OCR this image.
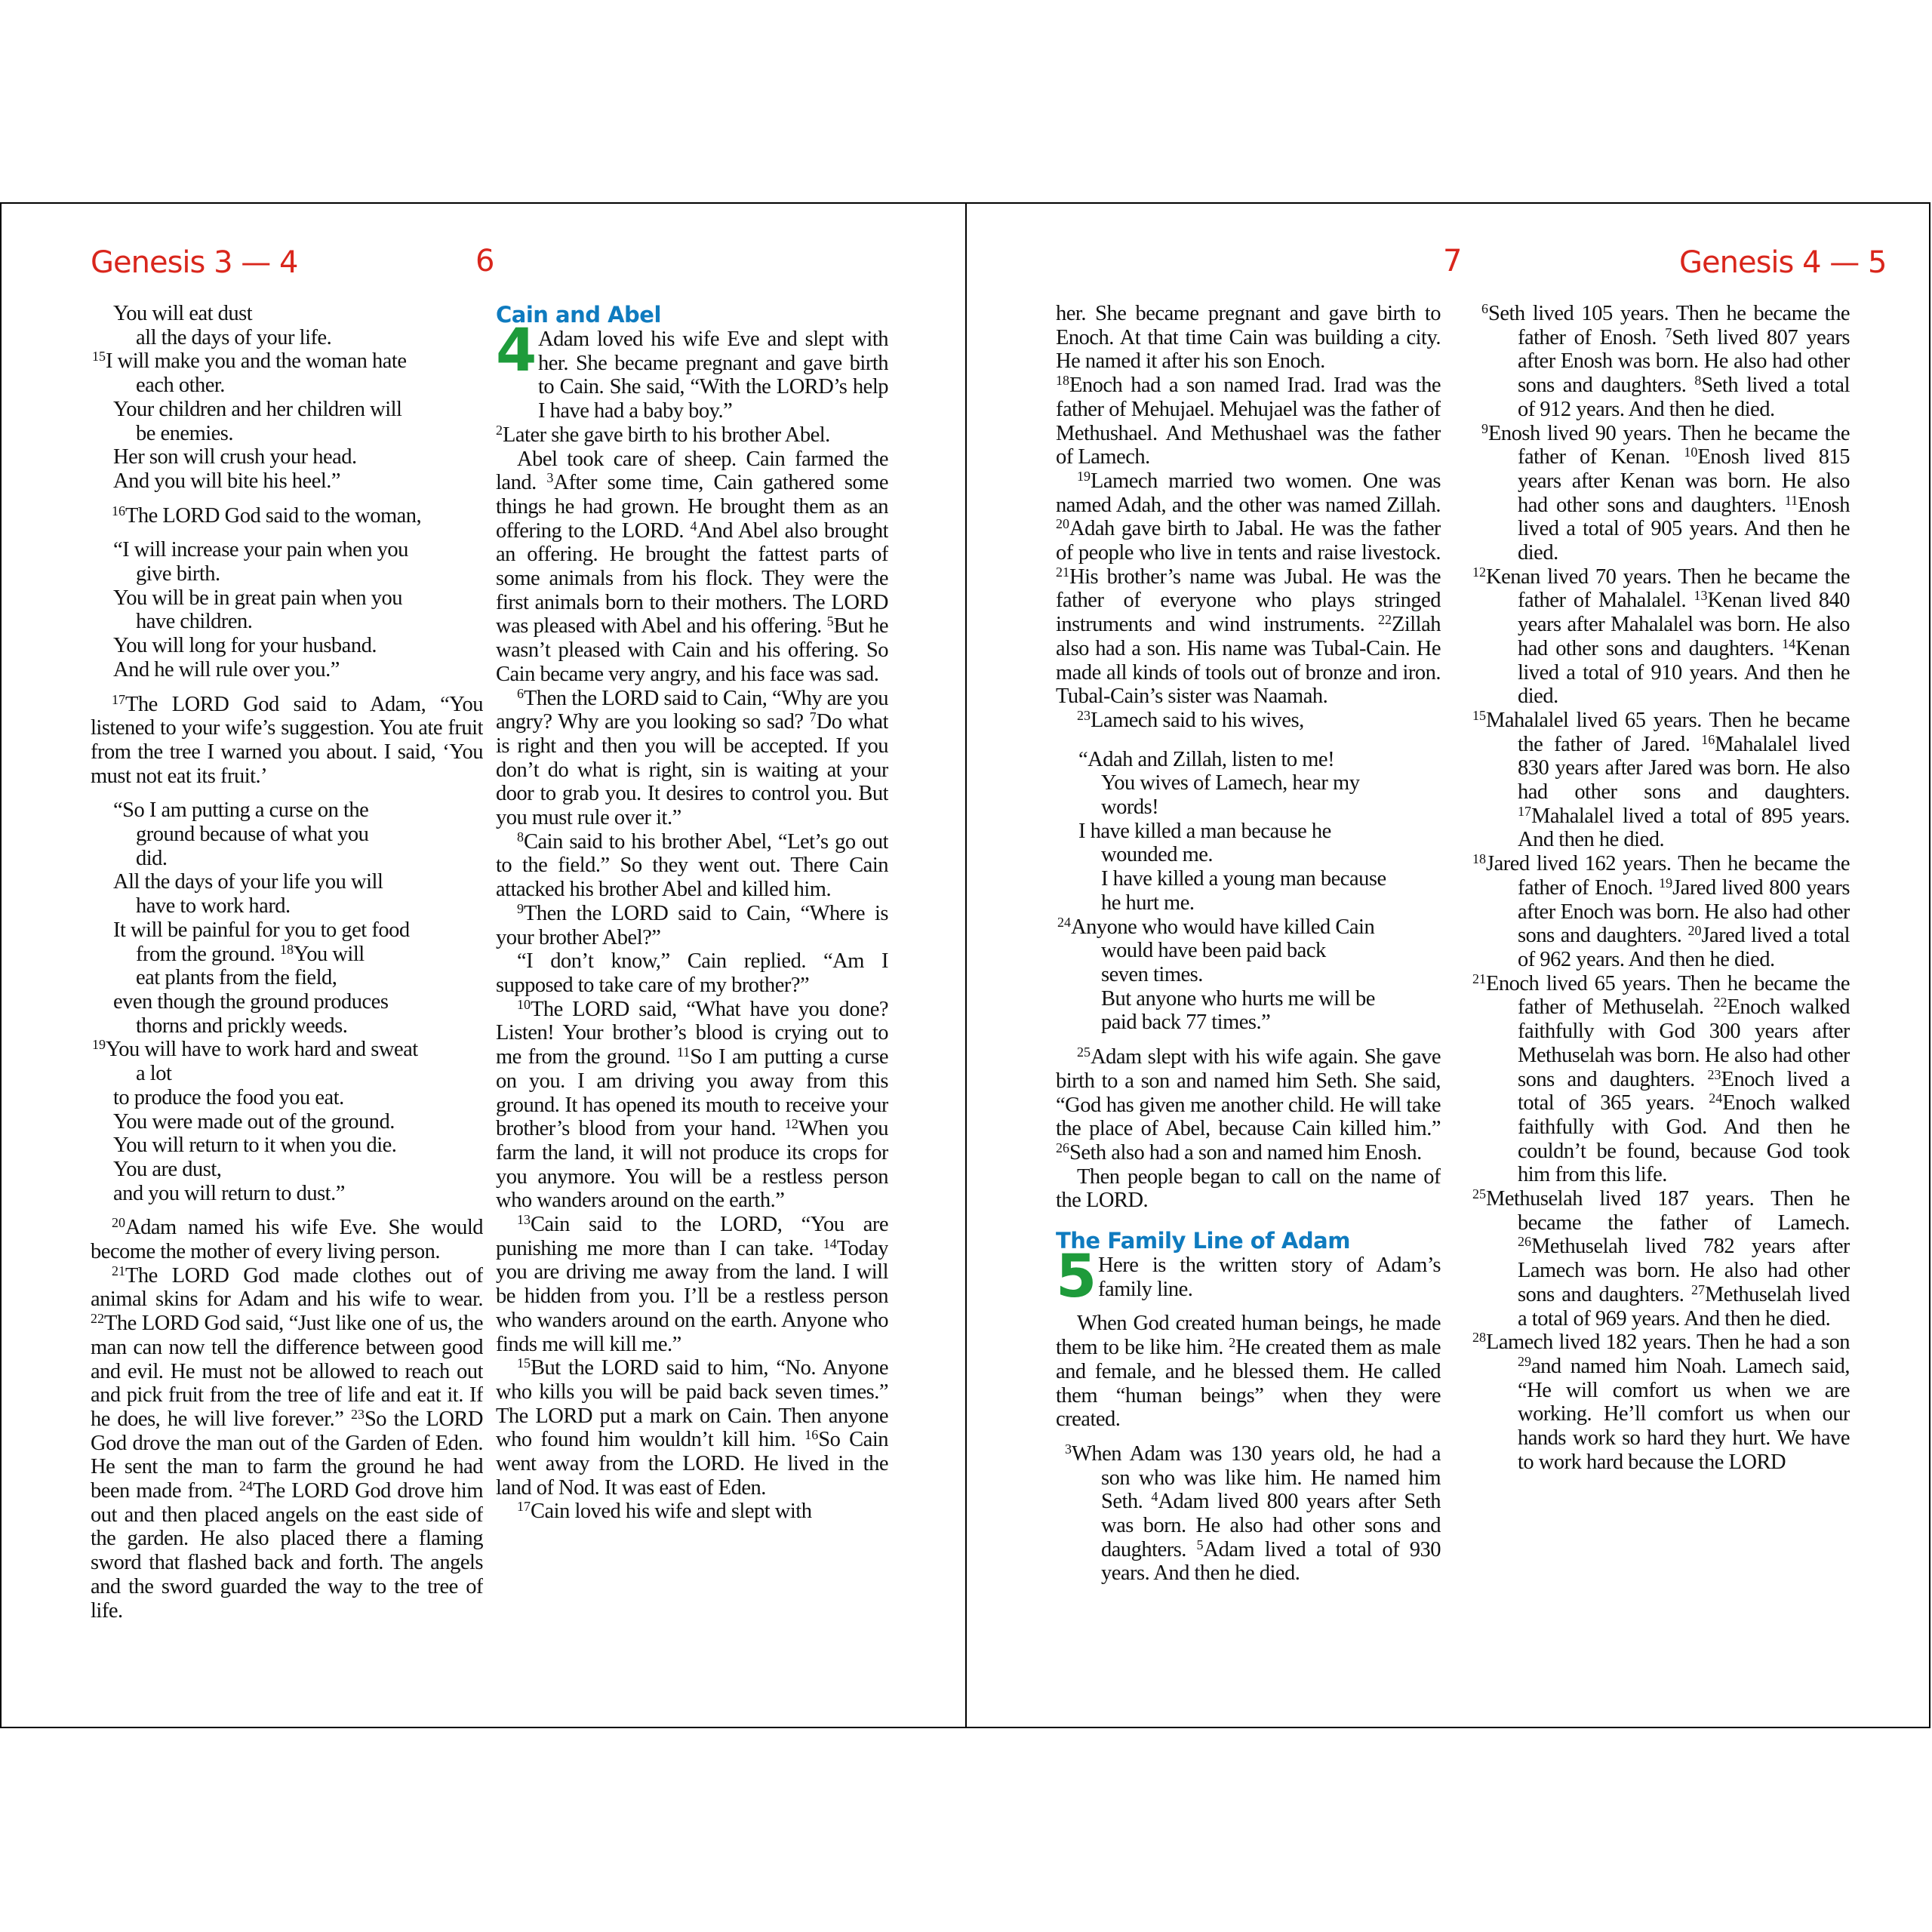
Genesis 3 — 4	6
You will eat dust
all the days of your life.
$^{15}$I will make you and the woman hate
each other.
Your children and her children will
be enemies.
Her son will crush your head.
And you will bite his heel.”

$^{16}$The LORD God said to the woman,

“I will increase your pain when you
give birth.
You will be in great pain when you
have children.
You will long for your husband.
And he will rule over you.”

$^{17}$The LORD God said to Adam, “You listened to your wife’s suggestion. You ate fruit from the tree I warned you about. I said, ‘You must not eat its fruit.’

“So I am putting a curse on the
ground because of what you
did.
All the days of your life you will
have to work hard.
It will be painful for you to get food
from the ground. $^{18}$You will
eat plants from the field,
even though the ground produces
thorns and prickly weeds.
$^{19}$You will have to work hard and sweat
a lot
to produce the food you eat.
You were made out of the ground.
You will return to it when you die.
You are dust,
and you will return to dust.”

$^{20}$Adam named his wife Eve. She would become the mother of every living person.

$^{21}$The LORD God made clothes out of animal skins for Adam and his wife to wear. $^{22}$The LORD God said, “Just like one of us, the man can now tell the difference between good and evil. He must not be allowed to reach out and pick fruit from the tree of life and eat it. If he does, he will live forever.” $^{23}$So the LORD God drove the man out of the Garden of Eden. He sent the man to farm the ground he had been made from. $^{24}$The LORD God drove him out and then placed angels on the east side of the garden. He also placed there a flaming sword that flashed back and forth. The angels and the sword guarded the way to the tree of life.

Cain and Abel
4 Adam loved his wife Eve and slept with her. She became pregnant and gave birth to Cain. She said, “With the LORD’s help I have had a baby boy.”

$^2$Later she gave birth to his brother Abel.

Abel took care of sheep. Cain farmed the land. $^3$After some time, Cain gathered some things he had grown. He brought them as an offering to the LORD. $^4$And Abel also brought an offering. He brought the fattest parts of some animals from his flock. They were the first animals born to their mothers. The LORD was pleased with Abel and his offering. $^5$But he wasn’t pleased with Cain and his offering. So Cain became very angry, and his face was sad.

$^6$Then the LORD said to Cain, “Why are you angry? Why are you looking so sad? $^7$Do what is right and then you will be accepted. If you don’t do what is right, sin is waiting at your door to grab you. It desires to control you. But you must rule over it.”

$^8$Cain said to his brother Abel, “Let’s go out to the field.” So they went out. There Cain attacked his brother Abel and killed him.

$^9$Then the LORD said to Cain, “Where is your brother Abel?”

“I don’t know,” Cain replied. “Am I supposed to take care of my brother?”

$^{10}$The LORD said, “What have you done? Listen! Your brother’s blood is crying out to me from the ground. $^{11}$So I am putting a curse on you. I am driving you away from this ground. It has opened its mouth to receive your brother’s blood from your hand. $^{12}$When you farm the land, it will not produce its crops for you anymore. You will be a restless person who wanders around on the earth.”

$^{13}$Cain said to the LORD, “You are punishing me more than I can take. $^{14}$Today you are driving me away from the land. I will be hidden from you. I’ll be a restless person who wanders around on the earth. Anyone who finds me will kill me.”

$^{15}$But the LORD said to him, “No. Anyone who kills you will be paid back seven times.” The LORD put a mark on Cain. Then anyone who found him wouldn’t kill him. $^{16}$So Cain went away from the LORD. He lived in the land of Nod. It was east of Eden.

$^{17}$Cain loved his wife and slept with

7	Genesis 4 — 5

her. She became pregnant and gave birth to Enoch. At that time Cain was building a city. He named it after his son Enoch.

$^{18}$Enoch had a son named Irad. Irad was the father of Mehujael. Mehujael was the father of Methushael. And Methushael was the father of Lamech.

$^{19}$Lamech married two women. One was named Adah, and the other was named Zillah. $^{20}$Adah gave birth to Jabal. He was the father of people who live in tents and raise livestock. $^{21}$His brother’s name was Jubal. He was the father of everyone who plays stringed instruments and wind instruments. $^{22}$Zillah also had a son. His name was Tubal-Cain. He made all kinds of tools out of bronze and iron. Tubal-Cain’s sister was Naamah.

$^{23}$Lamech said to his wives,

“Adah and Zillah, listen to me!
You wives of Lamech, hear my
words!
I have killed a man because he
wounded me.
I have killed a young man because
he hurt me.
$^{24}$Anyone who would have killed Cain
would have been paid back
seven times.
But anyone who hurts me will be
paid back 77 times.”

$^{25}$Adam slept with his wife again. She gave birth to a son and named him Seth. She said, “God has given me another child. He will take the place of Abel, because Cain killed him.” $^{26}$Seth also had a son and named him Enosh.

Then people began to call on the name of the LORD.

The Family Line of Adam
5 Here is the written story of Adam’s family line.

When God created human beings, he made them to be like him. $^2$He created them as male and female, and he blessed them. He called them “human beings” when they were created.

$^3$When Adam was 130 years old, he had a son who was like him. He named him Seth. $^4$Adam lived 800 years after Seth was born. He also had other sons and daughters. $^5$Adam lived a total of 930 years. And then he died.
$^6$Seth lived 105 years. Then he became the father of Enosh. $^7$Seth lived 807 years after Enosh was born. He also had other sons and daughters. $^8$Seth lived a total of 912 years. And then he died.
$^9$Enosh lived 90 years. Then he became the father of Kenan. $^{10}$Enosh lived 815 years after Kenan was born. He also had other sons and daughters. $^{11}$Enosh lived a total of 905 years. And then he died.
$^{12}$Kenan lived 70 years. Then he became the father of Mahalalel. $^{13}$Kenan lived 840 years after Mahalalel was born. He also had other sons and daughters. $^{14}$Kenan lived a total of 910 years. And then he died.
$^{15}$Mahalalel lived 65 years. Then he became the father of Jared. $^{16}$Mahalalel lived 830 years after Jared was born. He also had other sons and daughters. $^{17}$Mahalalel lived a total of 895 years. And then he died.
$^{18}$Jared lived 162 years. Then he became the father of Enoch. $^{19}$Jared lived 800 years after Enoch was born. He also had other sons and daughters. $^{20}$Jared lived a total of 962 years. And then he died.
$^{21}$Enoch lived 65 years. Then he became the father of Methuselah. $^{22}$Enoch walked faithfully with God 300 years after Methuselah was born. He also had other sons and daughters. $^{23}$Enoch lived a total of 365 years. $^{24}$Enoch walked faithfully with God. And then he couldn’t be found, because God took him from this life.
$^{25}$Methuselah lived 187 years. Then he became the father of Lamech. $^{26}$Methuselah lived 782 years after Lamech was born. He also had other sons and daughters. $^{27}$Methuselah lived a total of 969 years. And then he died.
$^{28}$Lamech lived 182 years. Then he had a son $^{29}$and named him Noah. Lamech said, “He will comfort us when we are working. He’ll comfort us when our hands work so hard they hurt. We have to work hard because the LORD
